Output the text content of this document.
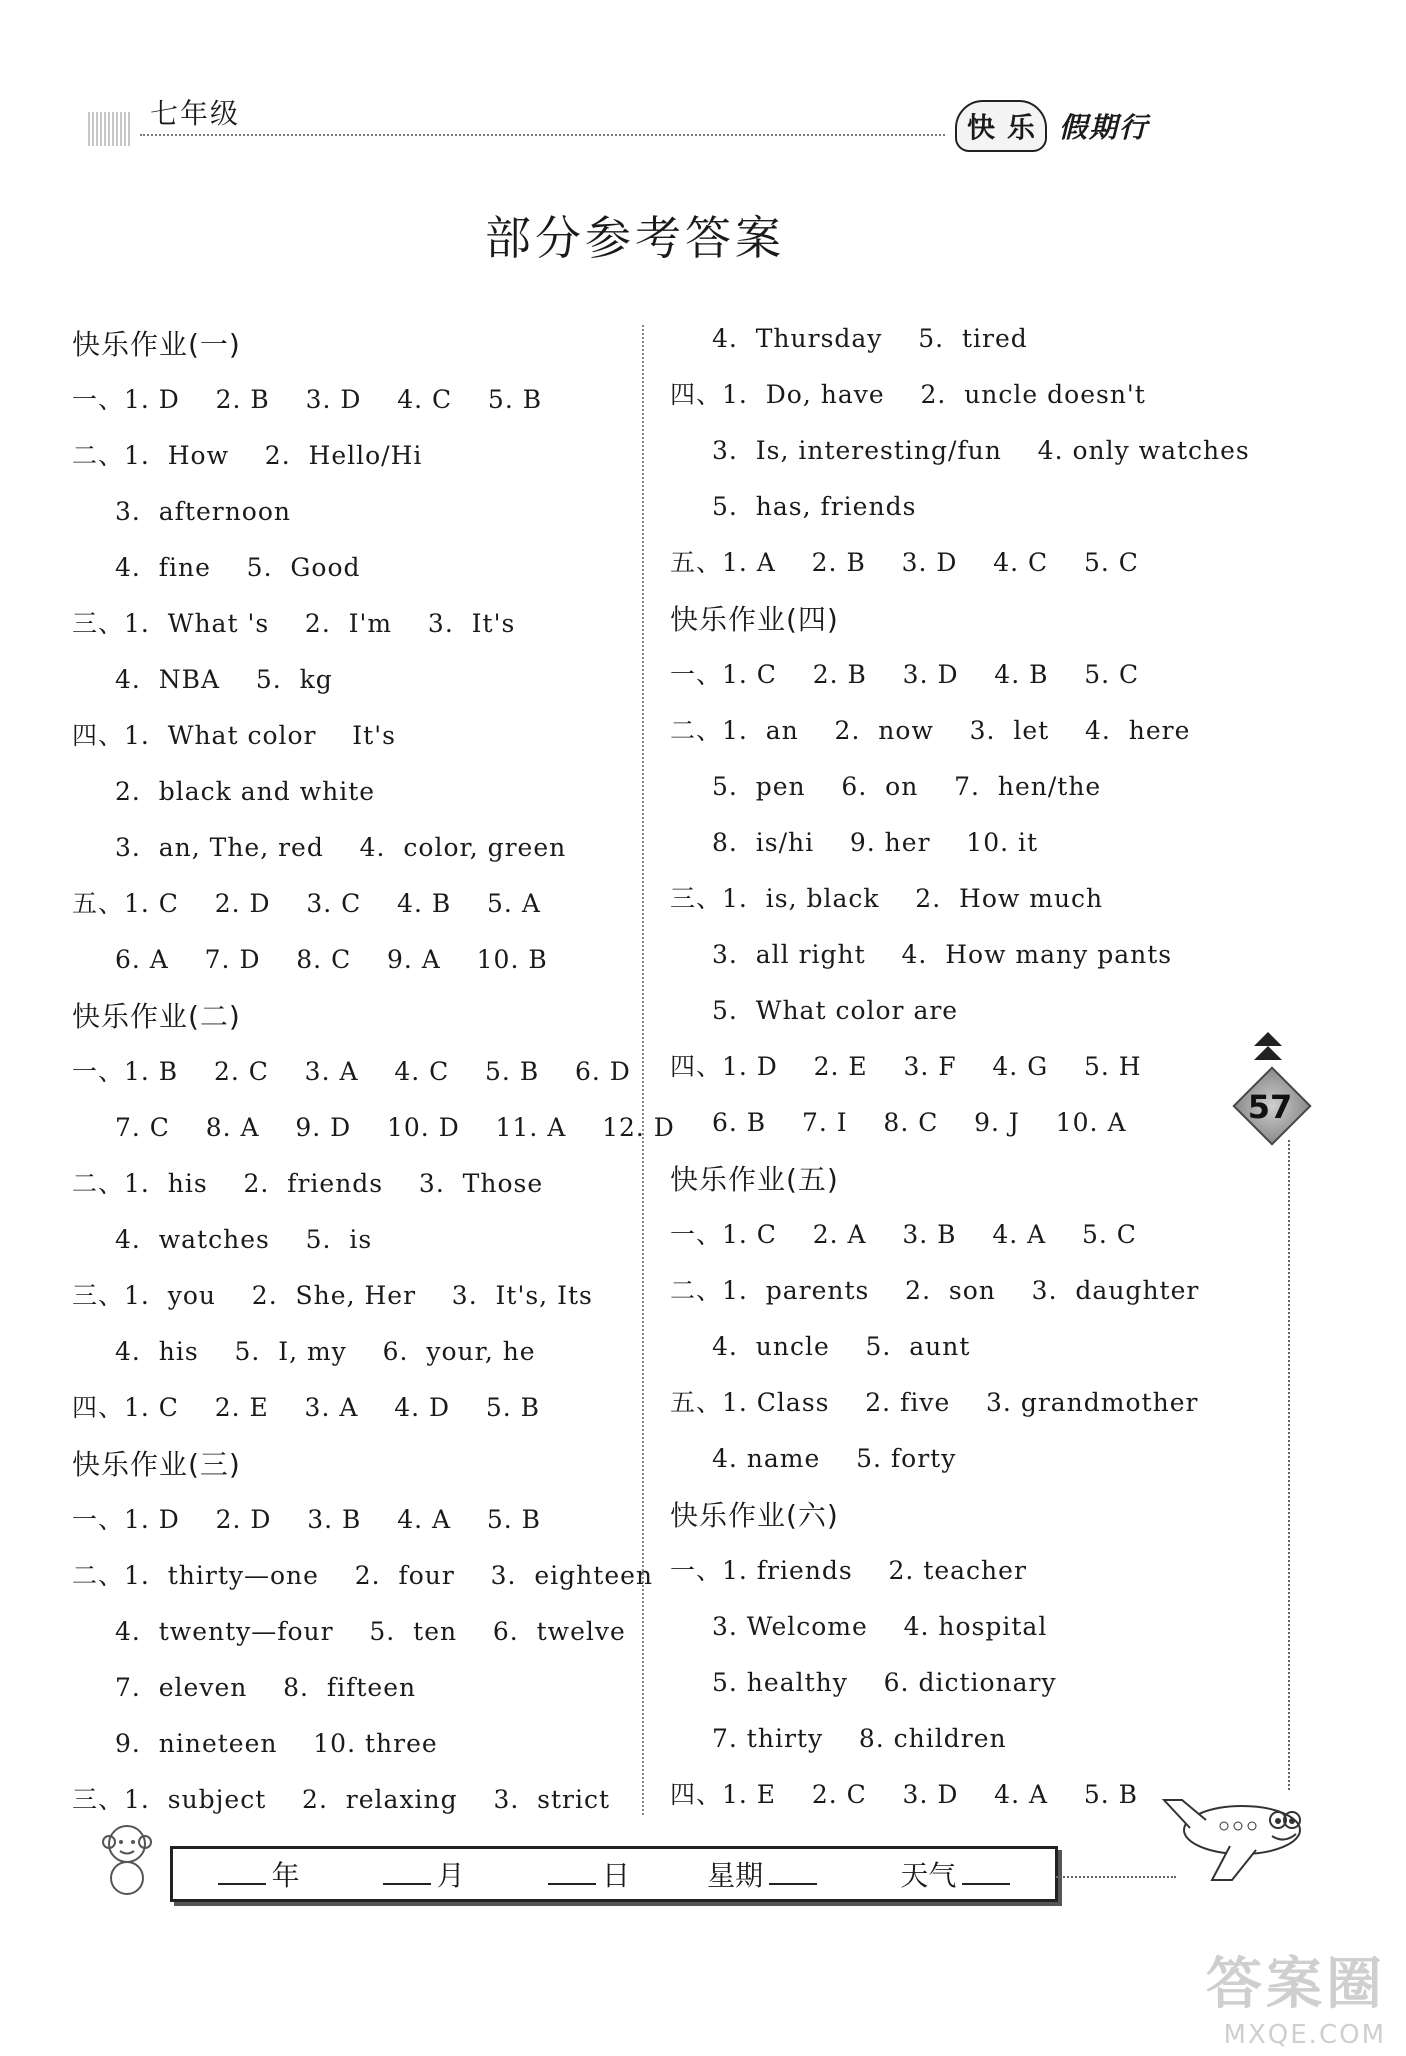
七年级	快 乐 假期行
部分参考答案
快乐作业(一)
一、1. D    2. B    3. D    4. C    5. B
二、1.  How    2.  Hello/Hi
3.  afternoon
4.  fine    5.  Good
三、1.  What 's    2.  I'm    3.  It's
4.  NBA    5.  kg
四、1.  What color    It's
2.  black and white
3.  an, The, red    4.  color, green
五、1. C    2. D    3. C    4. B    5. A
6. A    7. D    8. C    9. A    10. B
快乐作业(二)
一、1. B    2. C    3. A    4. C    5. B    6. D
7. C    8. A    9. D    10. D    11. A    12. D
二、1.  his    2.  friends    3.  Those
4.  watches    5.  is
三、1.  you    2.  She, Her    3.  It's, Its
4.  his    5.  I, my    6.  your, he
四、1. C    2. E    3. A    4. D    5. B
快乐作业(三)
一、1. D    2. D    3. B    4. A    5. B
二、1.  thirty—one    2.  four    3.  eighteen
4.  twenty—four    5.  ten    6.  twelve
7.  eleven    8.  fifteen
9.  nineteen    10. three
三、1.  subject    2.  relaxing    3.  strict
4.  Thursday    5.  tired
四、1.  Do, have    2.  uncle doesn't
3.  Is, interesting/fun    4. only watches
5.  has, friends
五、1. A    2. B    3. D    4. C    5. C
快乐作业(四)
一、1. C    2. B    3. D    4. B    5. C
二、1.  an    2.  now    3.  let    4.  here
5.  pen    6.  on    7.  hen/the
8.  is/hi    9. her    10. it
三、1.  is, black    2.  How much
3.  all right    4.  How many pants
5.  What color are
四、1. D    2. E    3. F    4. G    5. H
6. B    7. I    8. C    9. J    10. A
快乐作业(五)
一、1. C    2. A    3. B    4. A    5. C
二、1.  parents    2.  son    3.  daughter
4.  uncle    5.  aunt
五、1. Class    2. five    3. grandmother
4. name    5. forty
快乐作业(六)
一、1. friends    2. teacher
3. Welcome    4. hospital
5. healthy    6. dictionary
7. thirty    8. children
四、1. E    2. C    3. D    4. A    5. B
57
年	月	日	星期	天气
答案圈
MXQE.COM
